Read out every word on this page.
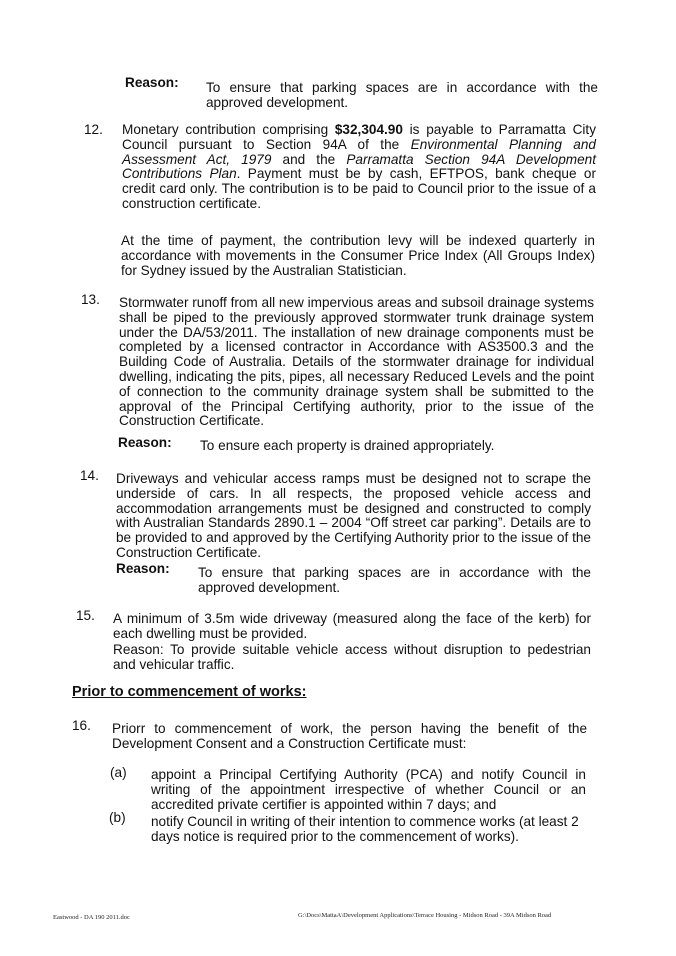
Reason: To ensure that parking spaces are in accordance with the approved development.
12. Monetary contribution comprising $32,304.90 is payable to Parramatta City Council pursuant to Section 94A of the Environmental Planning and Assessment Act, 1979 and the Parramatta Section 94A Development Contributions Plan. Payment must be by cash, EFTPOS, bank cheque or credit card only. The contribution is to be paid to Council prior to the issue of a construction certificate.
At the time of payment, the contribution levy will be indexed quarterly in accordance with movements in the Consumer Price Index (All Groups Index) for Sydney issued by the Australian Statistician.
13. Stormwater runoff from all new impervious areas and subsoil drainage systems shall be piped to the previously approved stormwater trunk drainage system under the DA/53/2011. The installation of new drainage components must be completed by a licensed contractor in Accordance with AS3500.3 and the Building Code of Australia. Details of the stormwater drainage for individual dwelling, indicating the pits, pipes, all necessary Reduced Levels and the point of connection to the community drainage system shall be submitted to the approval of the Principal Certifying authority, prior to the issue of the Construction Certificate.
Reason: To ensure each property is drained appropriately.
14. Driveways and vehicular access ramps must be designed not to scrape the underside of cars. In all respects, the proposed vehicle access and accommodation arrangements must be designed and constructed to comply with Australian Standards 2890.1 – 2004 “Off street car parking”. Details are to be provided to and approved by the Certifying Authority prior to the issue of the Construction Certificate.
Reason: To ensure that parking spaces are in accordance with the approved development.
15. A minimum of 3.5m wide driveway (measured along the face of the kerb) for each dwelling must be provided.
Reason: To provide suitable vehicle access without disruption to pedestrian and vehicular traffic.
Prior to commencement of works:
16. Priorr to commencement of work, the person having the benefit of the Development Consent and a Construction Certificate must:
(a) appoint a Principal Certifying Authority (PCA) and notify Council in writing of the appointment irrespective of whether Council or an accredited private certifier is appointed within 7 days; and
(b) notify Council in writing of their intention to commence works (at least 2 days notice is required prior to the commencement of works).
Eastwood - DA 190 2011.doc	G:\Docs\MattaA\Development Applications\Terrace Housing - Midson Road - 39A Midson Road
